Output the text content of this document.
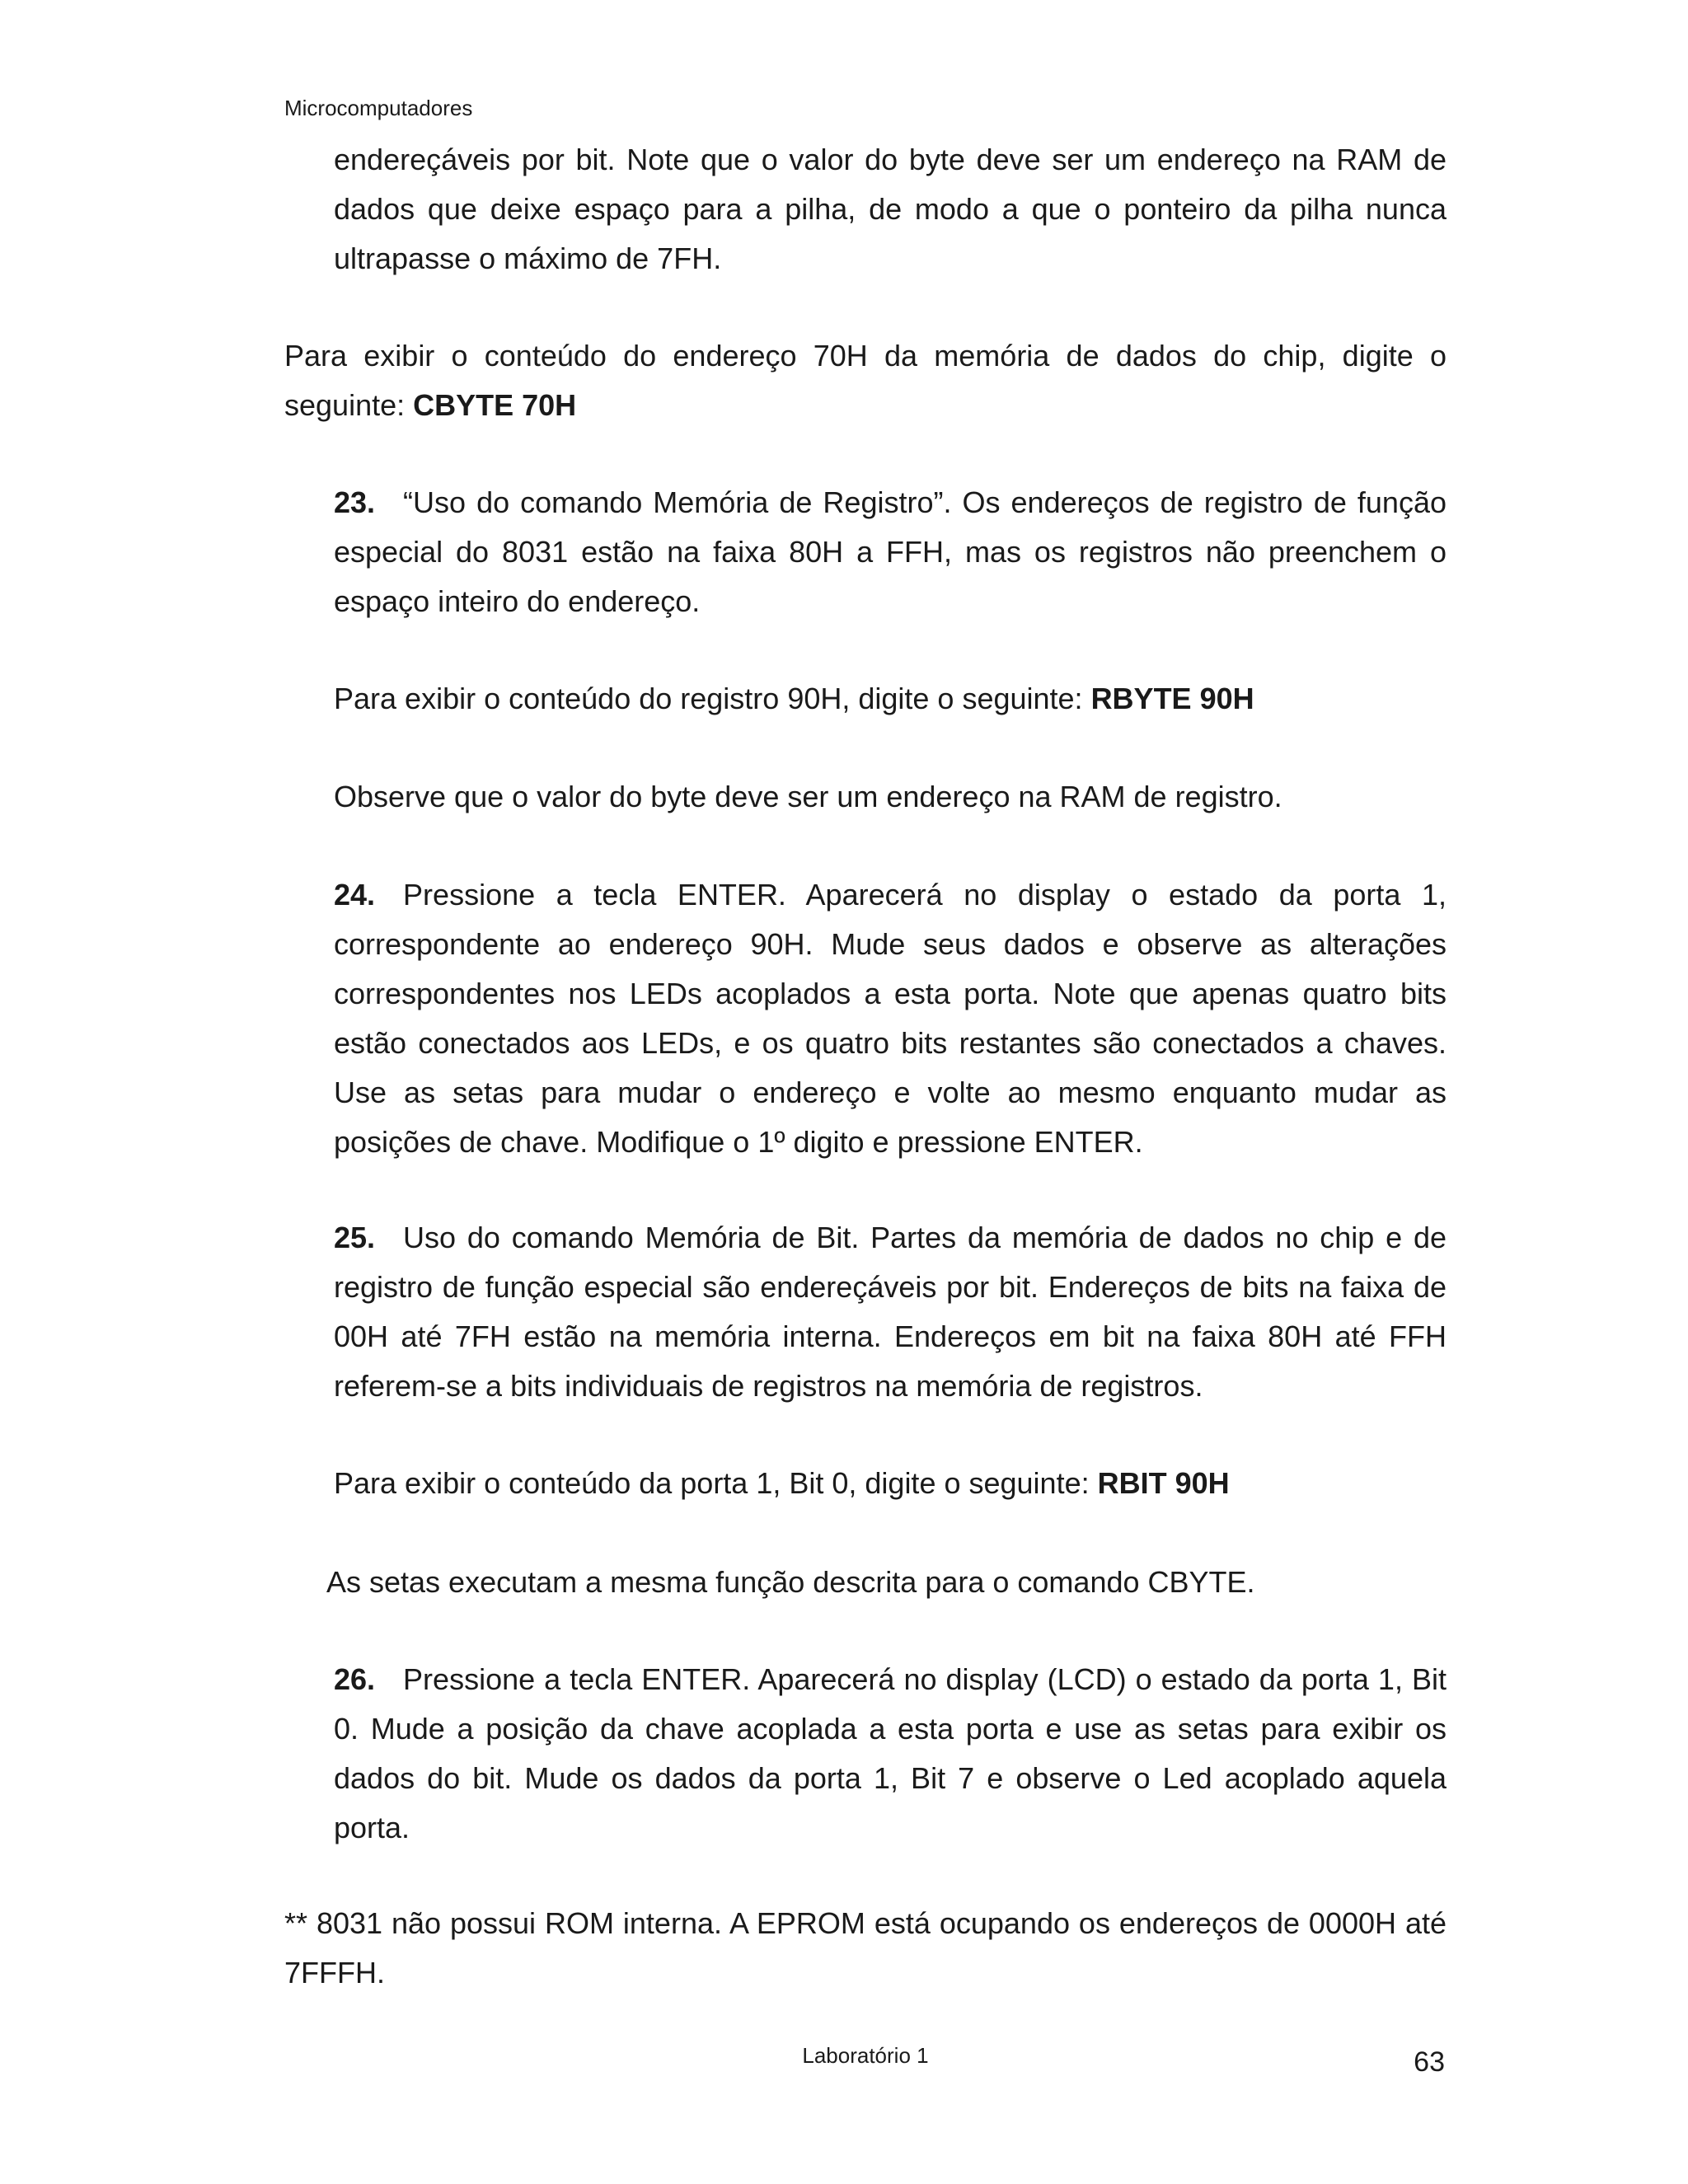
Microcomputadores

endereçáveis por bit. Note que o valor do byte deve ser um endereço na RAM de dados que deixe espaço para a pilha, de modo a que o ponteiro da pilha nunca ultrapasse o máximo de 7FH.

Para exibir o conteúdo do endereço 70H da memória de dados do chip, digite o seguinte: CBYTE 70H

23. “Uso do comando Memória de Registro”. Os endereços de registro de função especial do 8031 estão na faixa 80H a FFH, mas os registros não preenchem o espaço inteiro do endereço.

Para exibir o conteúdo do registro 90H, digite o seguinte: RBYTE 90H

Observe que o valor do byte deve ser um endereço na RAM de registro.

24. Pressione a tecla ENTER. Aparecerá no display o estado da porta 1, correspondente ao endereço 90H. Mude seus dados e observe as alterações correspondentes nos LEDs acoplados a esta porta. Note que apenas quatro bits estão conectados aos LEDs, e os quatro bits restantes são conectados a chaves. Use as setas para mudar o endereço e volte ao mesmo enquanto mudar as posições de chave. Modifique o 1º digito e pressione ENTER.

25. Uso do comando Memória de Bit. Partes da memória de dados no chip e de registro de função especial são endereçáveis por bit. Endereços de bits na faixa de 00H até 7FH estão na memória interna. Endereços em bit na faixa 80H até FFH referem-se a bits individuais de registros na memória de registros.

Para exibir o conteúdo da porta 1, Bit 0, digite o seguinte: RBIT 90H

As setas executam a mesma função descrita para o comando CBYTE.

26. Pressione a tecla ENTER. Aparecerá no display (LCD) o estado da porta 1, Bit 0. Mude a posição da chave acoplada a esta porta e use as setas para exibir os dados do bit. Mude os dados da porta 1, Bit 7 e observe o Led acoplado aquela porta.

** 8031 não possui ROM interna. A EPROM está ocupando os endereços de 0000H até 7FFFH.

Laboratório 1	63
